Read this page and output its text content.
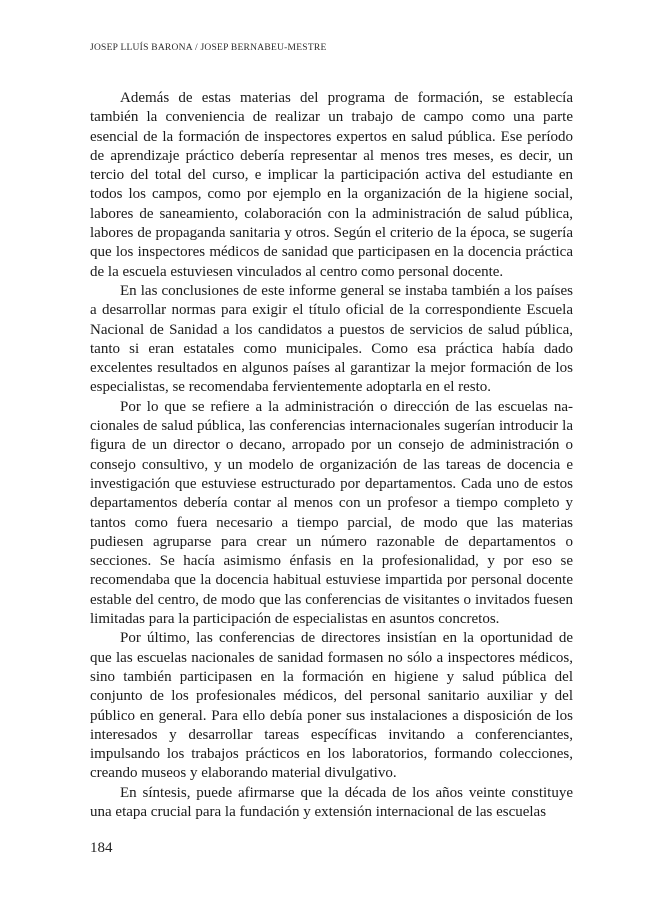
JOSEP LLUÍS BARONA / JOSEP BERNABEU-MESTRE

Además de estas materias del programa de formación, se establecía también la conveniencia de realizar un trabajo de campo como una parte esencial de la formación de inspectores expertos en salud pública. Ese período de aprendizaje práctico debería representar al menos tres meses, es decir, un tercio del total del curso, e implicar la participación activa del estudiante en todos los campos, como por ejemplo en la organización de la higiene social, labores de saneamiento, colaboración con la administración de salud pública, labores de propaganda sanitaria y otros. Según el criterio de la época, se sugería que los inspectores médicos de sanidad que participasen en la docencia práctica de la escuela estuviesen vinculados al centro como personal docente.

En las conclusiones de este informe general se instaba también a los países a desarrollar normas para exigir el título oficial de la correspondiente Escuela Nacional de Sanidad a los candidatos a puestos de servicios de salud pública, tanto si eran estatales como municipales. Como esa práctica había dado excelentes resultados en algunos países al garantizar la mejor formación de los especialistas, se recomendaba fervientemente adoptarla en el resto.

Por lo que se refiere a la administración o dirección de las escuelas nacionales de salud pública, las conferencias internacionales sugerían introducir la figura de un director o decano, arropado por un consejo de administración o consejo consultivo, y un modelo de organización de las tareas de docencia e investigación que estuviese estructurado por departamentos. Cada uno de estos departamentos debería contar al menos con un profesor a tiempo completo y tantos como fuera necesario a tiempo parcial, de modo que las materias pudiesen agruparse para crear un número razonable de departamentos o secciones. Se hacía asimismo énfasis en la profesionalidad, y por eso se recomendaba que la docencia habitual estuviese impartida por personal docente estable del centro, de modo que las conferencias de visitantes o invitados fuesen limitadas para la participación de especialistas en asuntos concretos.

Por último, las conferencias de directores insistían en la oportunidad de que las escuelas nacionales de sanidad formasen no sólo a inspectores médicos, sino también participasen en la formación en higiene y salud pública del conjunto de los profesionales médicos, del personal sanitario auxiliar y del público en general. Para ello debía poner sus instalaciones a disposición de los interesados y desarrollar tareas específicas invitando a conferenciantes, impulsando los trabajos prácticos en los laboratorios, formando colecciones, creando museos y elaborando material divulgativo.

En síntesis, puede afirmarse que la década de los años veinte constituye una etapa crucial para la fundación y extensión internacional de las escuelas

184
